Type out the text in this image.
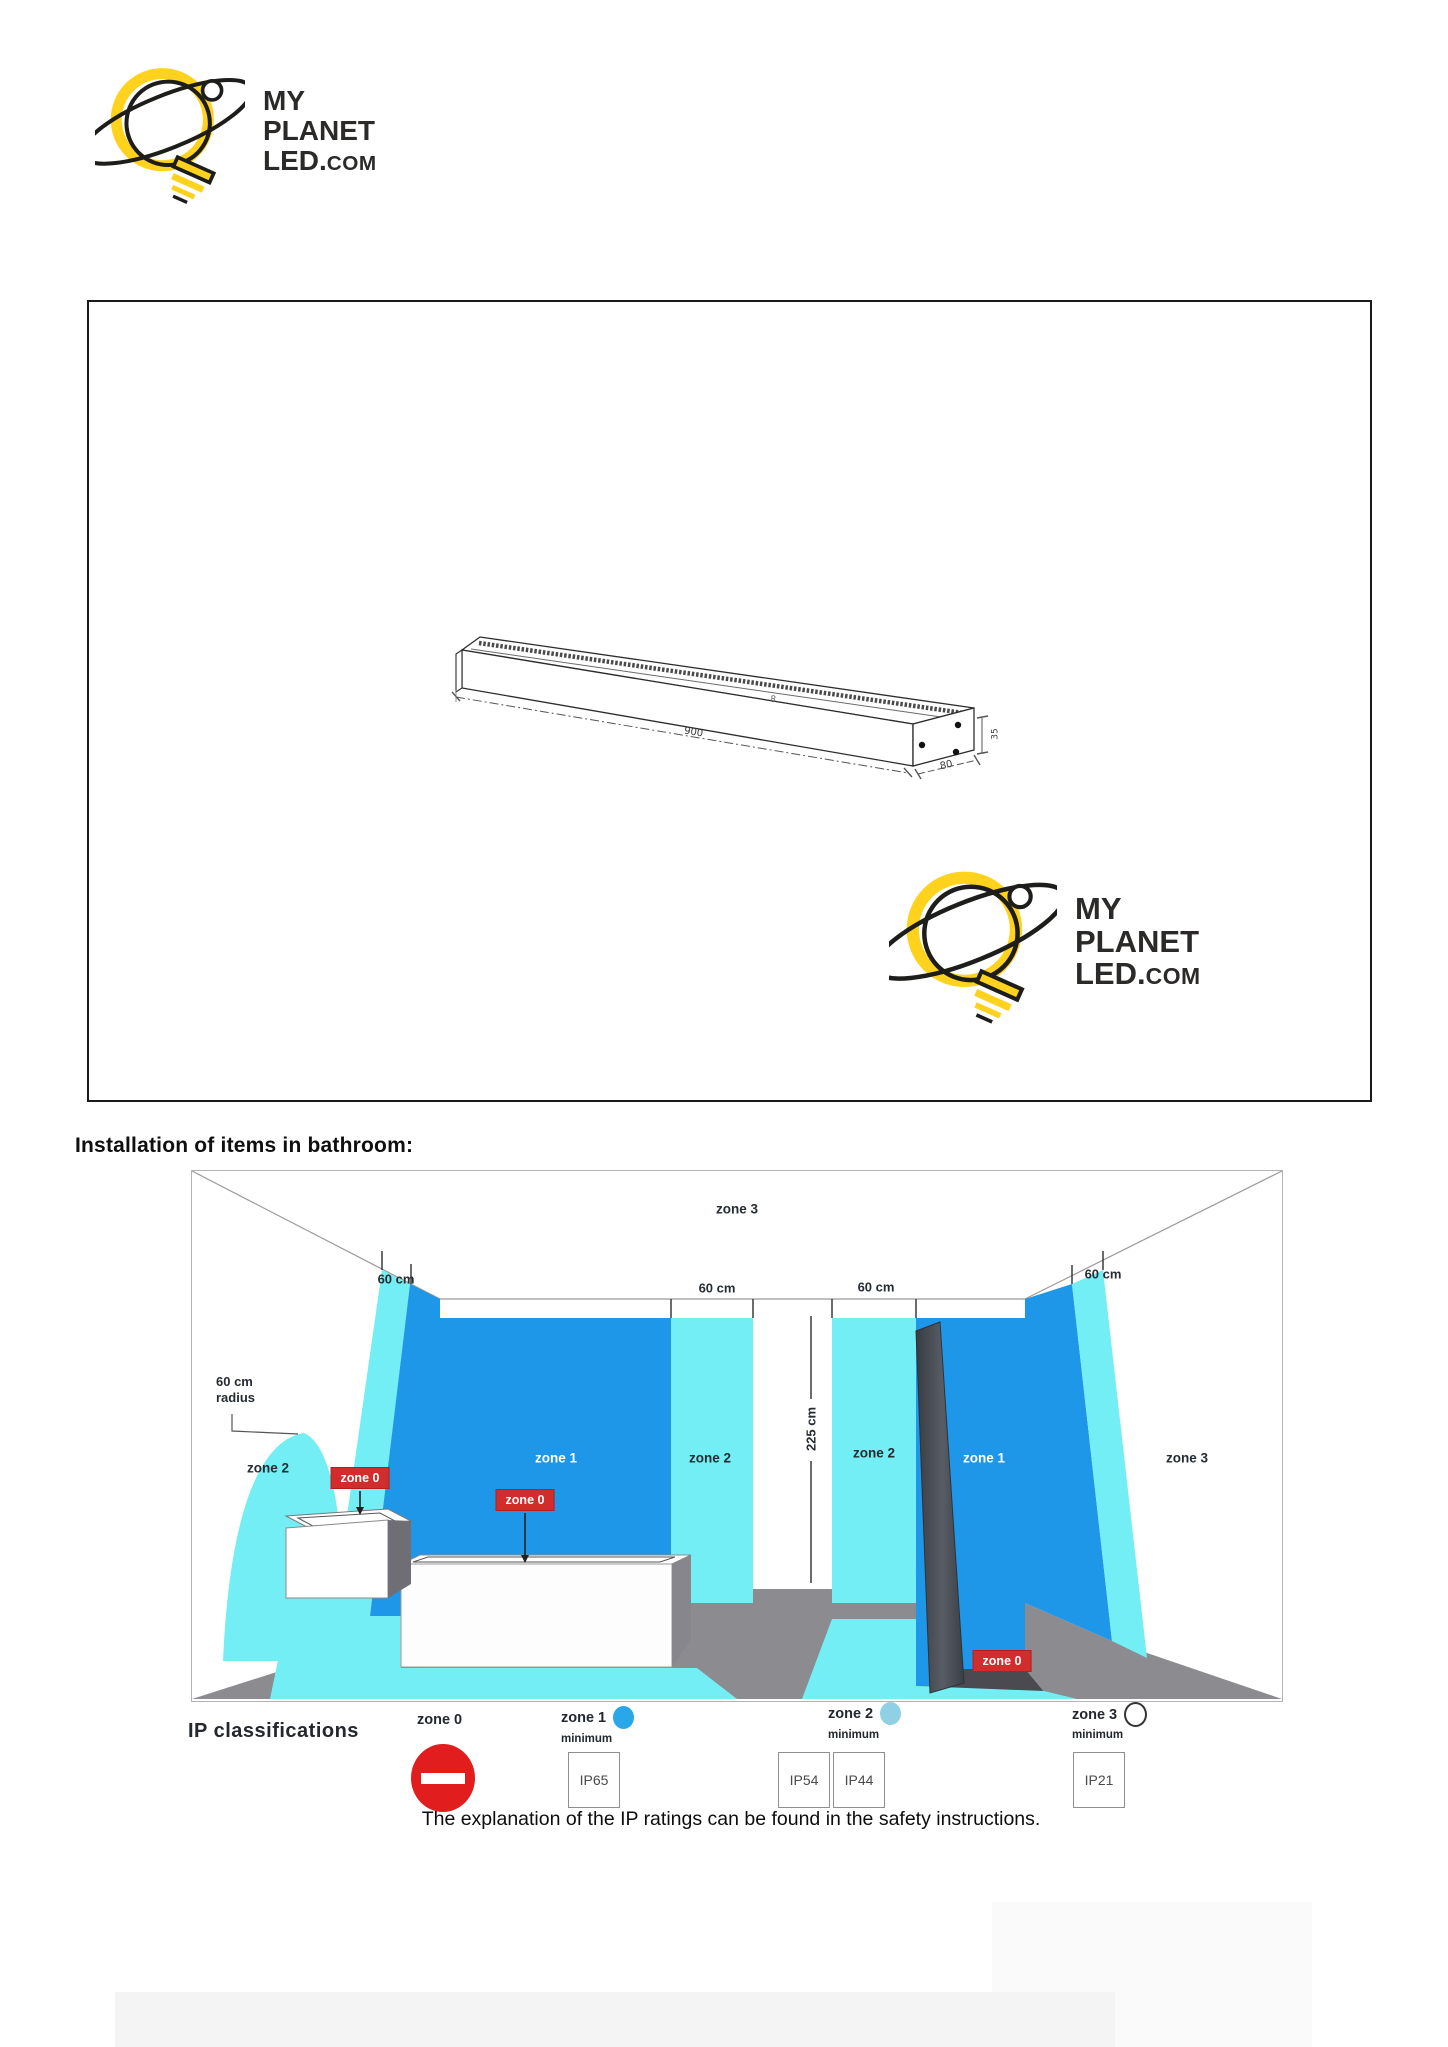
MY
PLANET
LED.COM
900
80
35
8
MY
PLANET
LED.COM
Installation of items in bathroom:
zone 3
60 cm
60 cm	60 cm
60 cm
60 cm
radius
zone 2
zone 1	zone 2
225 cm
zone 2	zone 1	zone 3
zone 0
zone 0
zone 0
IP classifications	zone 0	zone 1
minimum
IP65
zone 2
minimum
IP54 IP44
zone 3
minimum
IP21
The explanation of the IP ratings can be found in the safety instructions.
